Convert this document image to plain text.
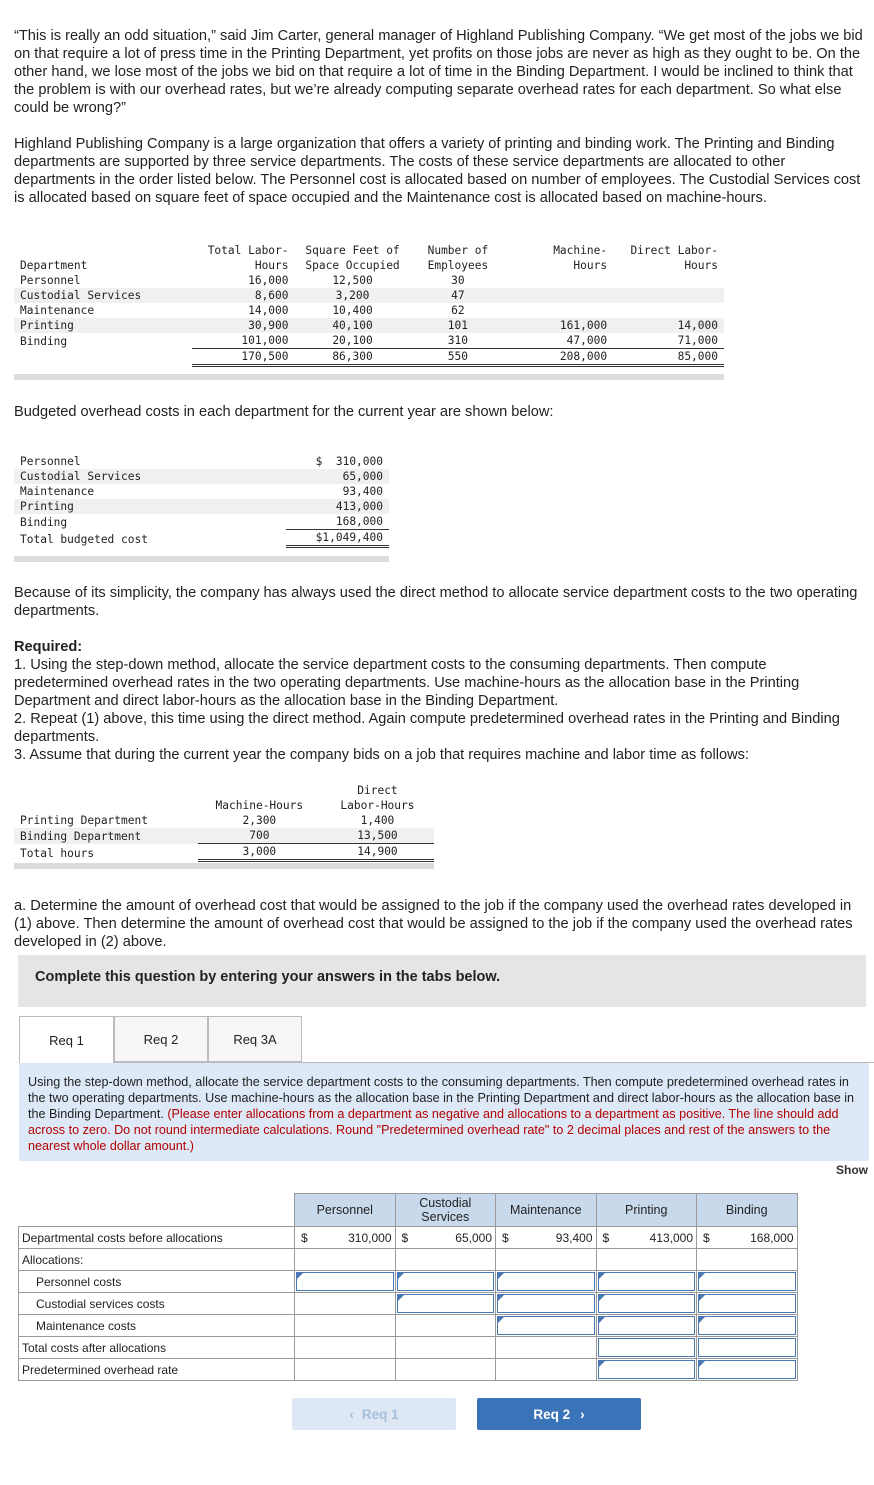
“This is really an odd situation,” said Jim Carter, general manager of Highland Publishing Company. “We get most of the jobs we bid on that require a lot of press time in the Printing Department, yet profits on those jobs are never as high as they ought to be. On the other hand, we lose most of the jobs we bid on that require a lot of time in the Binding Department. I would be inclined to think that the problem is with our overhead rates, but we’re already computing separate overhead rates for each department. So what else could be wrong?”

Highland Publishing Company is a large organization that offers a variety of printing and binding work. The Printing and Binding departments are supported by three service departments. The costs of these service departments are allocated to other departments in the order listed below. The Personnel cost is allocated based on number of employees. The Custodial Services cost is allocated based on square feet of space occupied and the Maintenance cost is allocated based on machine-hours.

	Total Labor-	Square Feet of	Number of	Machine-	Direct Labor-
Department	Hours	Space Occupied	Employees	Hours	Hours
Personnel	16,000	12,500	30		
Custodial Services	8,600	3,200	47		
Maintenance	14,000	10,400	62		
Printing	30,900	40,100	101	161,000	14,000
Binding	101,000	20,100	310	47,000	71,000
	170,500	86,300	550	208,000	85,000

Budgeted overhead costs in each department for the current year are shown below:

Personnel	$  310,000
Custodial Services	65,000
Maintenance	93,400
Printing	413,000
Binding	168,000
Total budgeted cost	$1,049,400

Because of its simplicity, the company has always used the direct method to allocate service department costs to the two operating departments.

Required:

1. Using the step-down method, allocate the service department costs to the consuming departments. Then compute predetermined overhead rates in the two operating departments. Use machine-hours as the allocation base in the Printing Department and direct labor-hours as the allocation base in the Binding Department.

2. Repeat (1) above, this time using the direct method. Again compute predetermined overhead rates in the Printing and Binding departments.

3. Assume that during the current year the company bids on a job that requires machine and labor time as follows:

		Direct
	Machine-Hours	Labor-Hours
Printing Department	2,300	1,400
Binding Department	700	13,500
Total hours	3,000	14,900

a. Determine the amount of overhead cost that would be assigned to the job if the company used the overhead rates developed in (1) above. Then determine the amount of overhead cost that would be assigned to the job if the company used the overhead rates developed in (2) above.

Complete this question by entering your answers in the tabs below.
Req 1	Req 2	Req 3A

Using the step-down method, allocate the service department costs to the consuming departments. Then compute predetermined overhead rates in the two operating departments. Use machine-hours as the allocation base in the Printing Department and direct labor-hours as the allocation base in the Binding Department. (Please enter allocations from a department as negative and allocations to a department as positive. The line should add across to zero. Do not round intermediate calculations. Round "Predetermined overhead rate" to 2 decimal places and rest of the answers to the nearest whole dollar amount.)

Show
	Personnel		Custodial Services		Maintenance		Printing		Binding	
Departmental costs before allocations	$	310,000	$	65,000	$	93,400	$	413,000	$	168,000
Allocations:										
Personnel costs						

Custodial services costs							

Maintenance costs								

Total costs after allocations									

Predetermined overhead rate									

‹ Req 1	Req 2 ›
